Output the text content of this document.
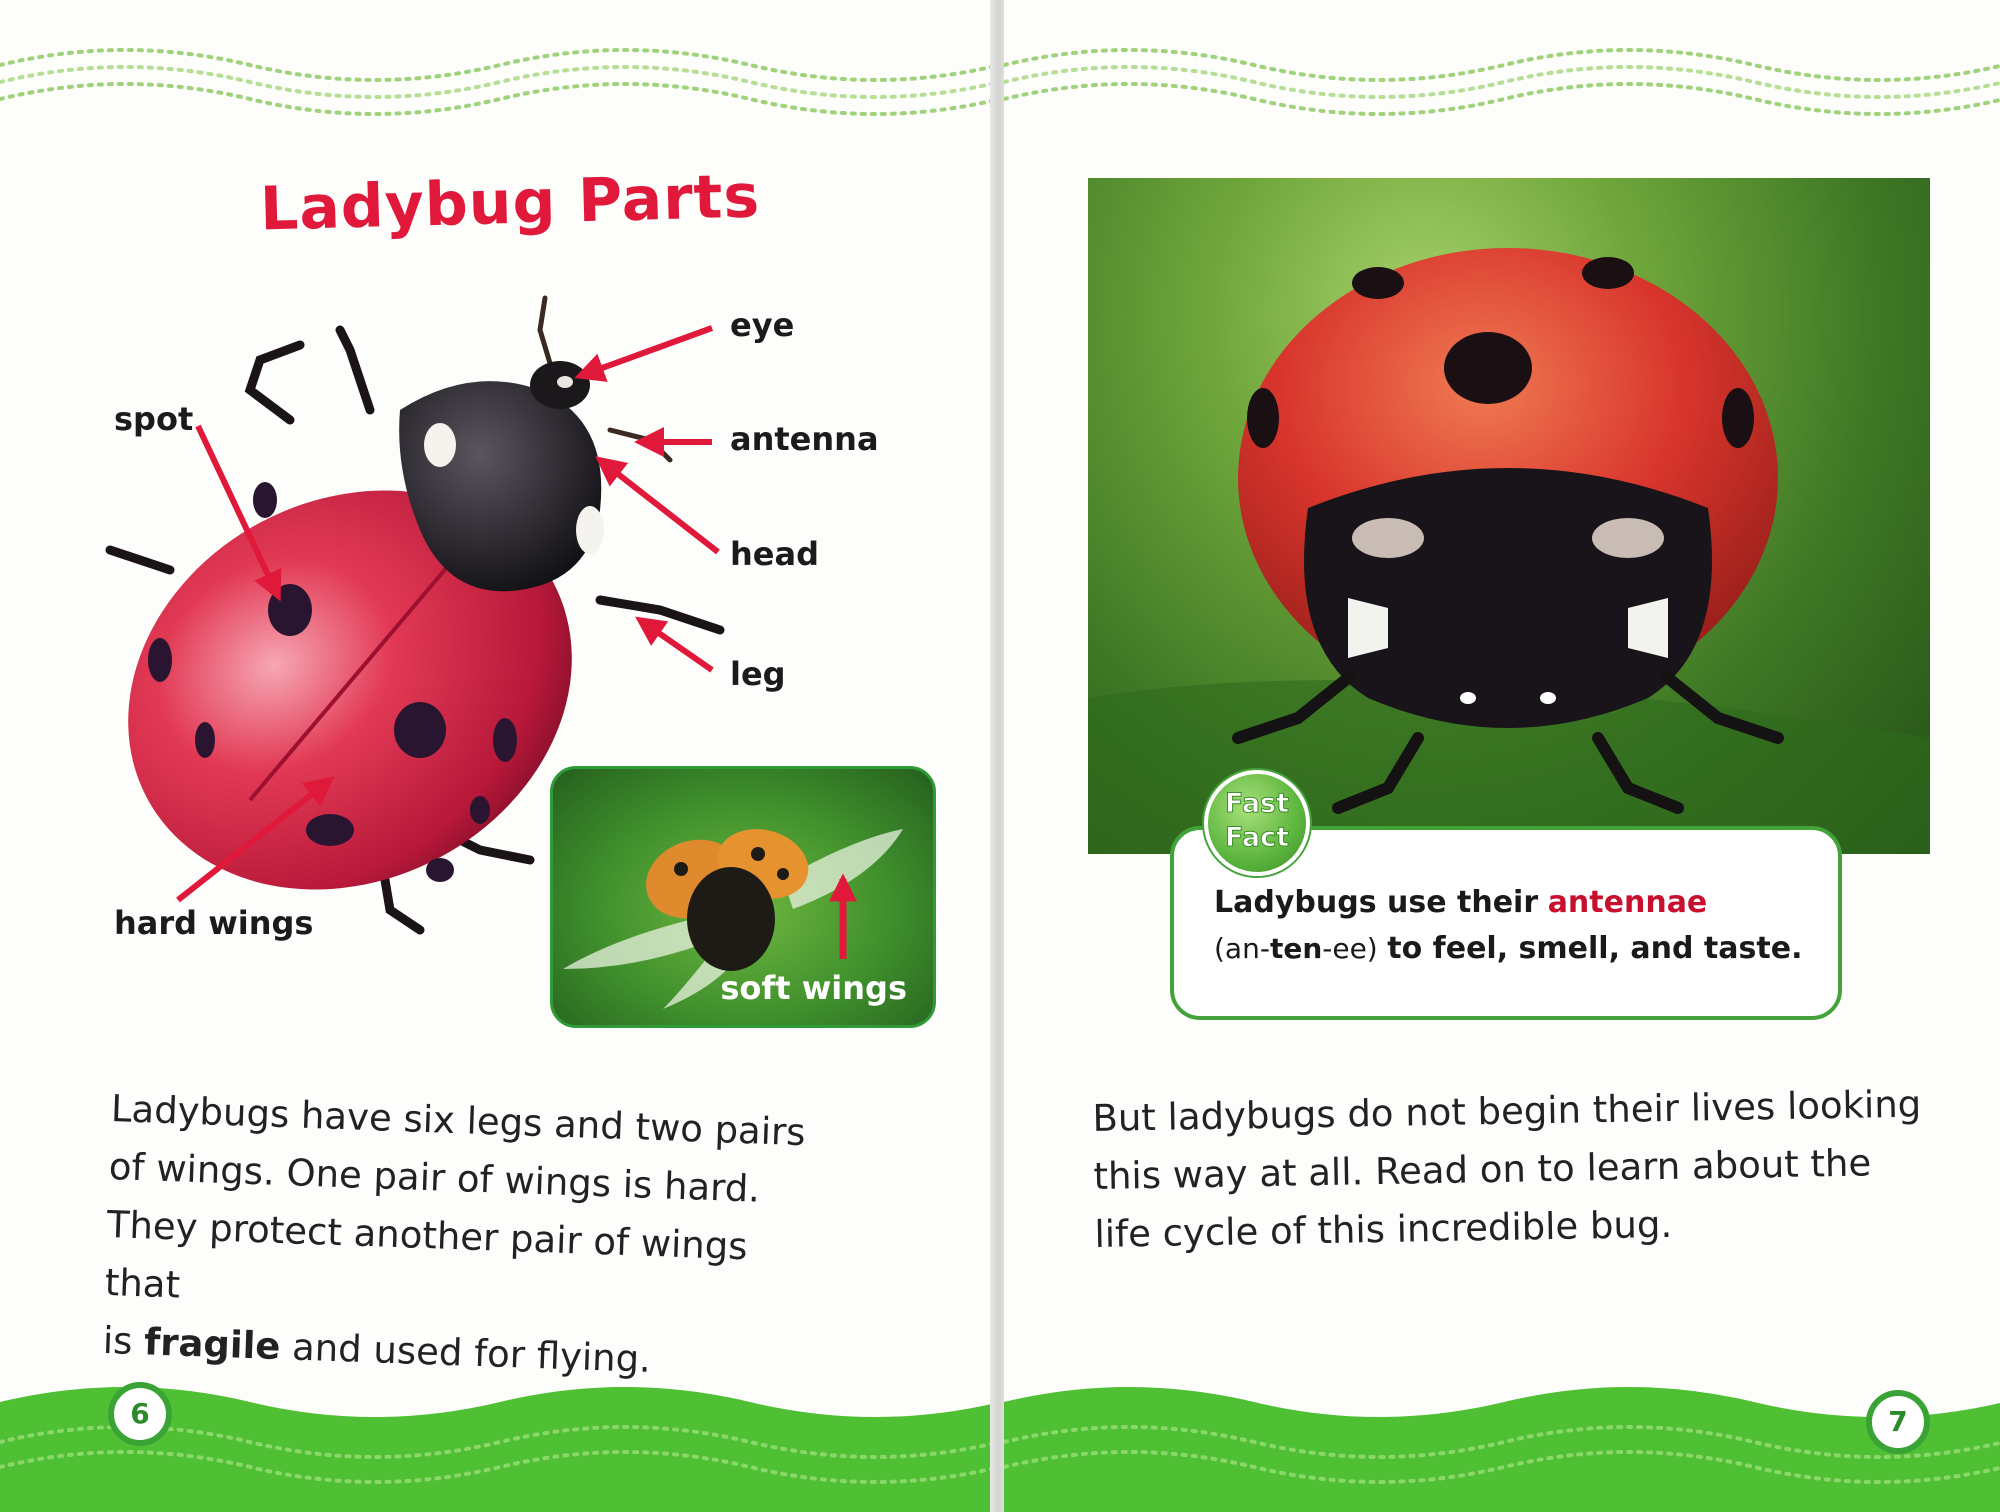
Ladybug Parts
eye
antenna
head
leg
spot
hard wings
soft wings

Ladybugs have six legs and two pairs
of wings. One pair of wings is hard.
They protect another pair of wings that
is fragile and used for flying.

6
Fast
Fact

Ladybugs use their antennae
(an-ten-ee) to feel, smell, and taste.

But ladybugs do not begin their lives looking
this way at all. Read on to learn about the
life cycle of this incredible bug.

7
